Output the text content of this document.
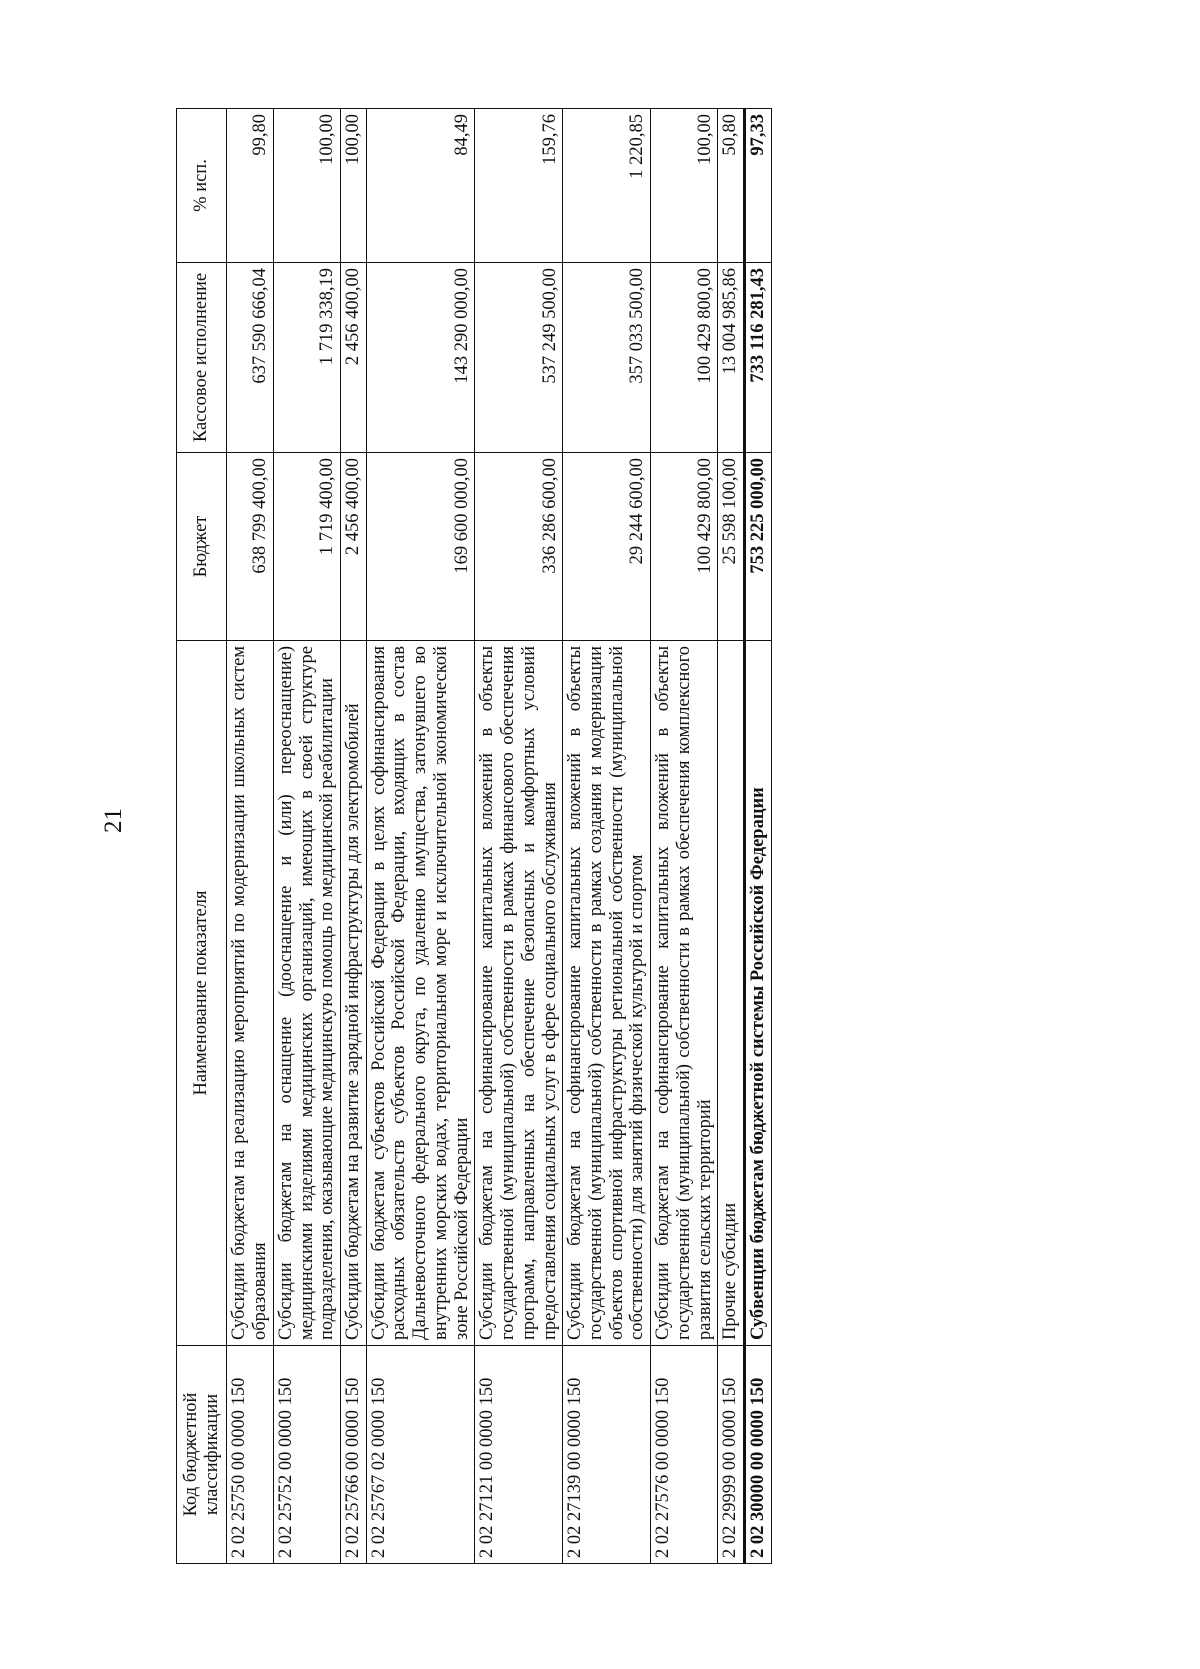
21
Код бюджетной классификации	Наименование показателя	Бюджет	Кассовое исполнение	% исп.
2 02 25750 00 0000 150	Субсидии бюджетам на реализацию мероприятий по модернизации школьных систем образования	638 799 400,00	637 590 666,04	99,80
2 02 25752 00 0000 150	Субсидии бюджетам на оснащение (дооснащение и (или) переоснащение) медицинскими изделиями медицинских организаций, имеющих в своей структуре подразделения, оказывающие медицинскую помощь по медицинской реабилитации	1 719 400,00	1 719 338,19	100,00
2 02 25766 00 0000 150	Субсидии бюджетам на развитие зарядной инфраструктуры для электромобилей	2 456 400,00	2 456 400,00	100,00
2 02 25767 02 0000 150	Субсидии бюджетам субъектов Российской Федерации в целях софинансирования расходных обязательств субъектов Российской Федерации, входящих в состав Дальневосточного федерального округа, по удалению имущества, затонувшего во внутренних морских водах, территориальном море и исключительной экономической зоне Российской Федерации	169 600 000,00	143 290 000,00	84,49
2 02 27121 00 0000 150	Субсидии бюджетам на софинансирование капитальных вложений в объекты государственной (муниципальной) собственности в рамках финансового обеспечения программ, направленных на обеспечение безопасных и комфортных условий предоставления социальных услуг в сфере социального обслуживания	336 286 600,00	537 249 500,00	159,76
2 02 27139 00 0000 150	Субсидии бюджетам на софинансирование капитальных вложений в объекты государственной (муниципальной) собственности в рамках создания и модернизации объектов спортивной инфраструктуры региональной собственности (муниципальной собственности) для занятий физической культурой и спортом	29 244 600,00	357 033 500,00	1 220,85
2 02 27576 00 0000 150	Субсидии бюджетам на софинансирование капитальных вложений в объекты государственной (муниципальной) собственности в рамках обеспечения комплексного развития сельских территорий	100 429 800,00	100 429 800,00	100,00
2 02 29999 00 0000 150	Прочие субсидии	25 598 100,00	13 004 985,86	50,80
2 02 30000 00 0000 150	Субвенции бюджетам бюджетной системы Российской Федерации	753 225 000,00	733 116 281,43	97,33
